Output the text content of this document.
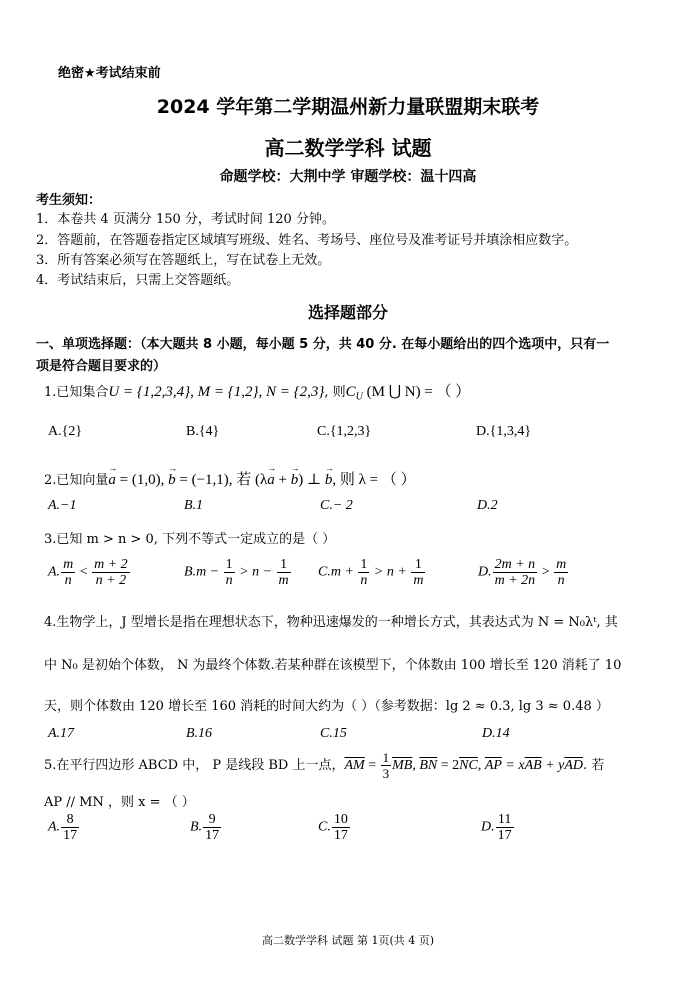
绝密★考试结束前
2024 学年第二学期温州新力量联盟期末联考
高二数学学科 试题
命题学校：大荆中学 审题学校：温十四高
考生须知：
1．本卷共 4 页满分 150 分，考试时间 120 分钟。
2．答题前，在答题卷指定区域填写班级、姓名、考场号、座位号及准考证号并填涂相应数字。
3．所有答案必须写在答题纸上，写在试卷上无效。
4．考试结束后，只需上交答题纸。
选择题部分
一、单项选择题：（本大题共 8 小题，每小题 5 分，共 40 分. 在每小题给出的四个选项中，只有一
项是符合题目要求的）
1.已知集合U = {1,2,3,4}, M = {1,2}, N = {2,3}, 则$C_U$ (M ⋃ N) = （ ）
A.{2}	B.{4}	C.{1,2,3}	D.{1,3,4}
2.已知向量→ a = (1,0), → b = (−1,1), 若 (λ→ a + → b) ⊥ → b, 则 λ = （ ）
A.−1	B.1	C.− 2	D.2
3.已知 m > n > 0, 下列不等式一定成立的是（ ）
A. $\frac{m}{n} < \frac{m + 2}{n + 2}$	$B.m - \frac{1}{n} > n - \frac{1}{m} C.m + \frac{1}{n} > n + \frac{1}{m}$	D. $\frac{2m + n}{m + 2n} > \frac{m}{n}$
4.生物学上，J 型增长是指在理想状态下，物种迅速爆发的一种增长方式，其表达式为 N = N₀λᵗ, 其
中 N₀ 是初始个体数， N 为最终个体数.若某种群在该模型下，个体数由 100 增长至 120 消耗了 10
天，则个体数由 120 增长至 160 消耗的时间大约为（ ）（参考数据：lg 2 ≈ 0.3, lg 3 ≈ 0.48 ）
A.17	B.16	C.15	D.14
5.在平行四边形 ABCD 中， P 是线段 BD 上一点，$\overline{AM} = \frac{1}{3} \overline{MB}$, $\overline{BN} = 2\overline{NC}$, $\overline{AP} = x\overline{AB} + y\overline{AD}$. 若
AP // MN ，则 x = （ ）
A. $\frac{8}{17}$	B. $\frac{9}{17}$	C. $\frac{10}{17}$	D. $\frac{11}{17}$
高二数学学科 试题 第 1页(共 4 页)
